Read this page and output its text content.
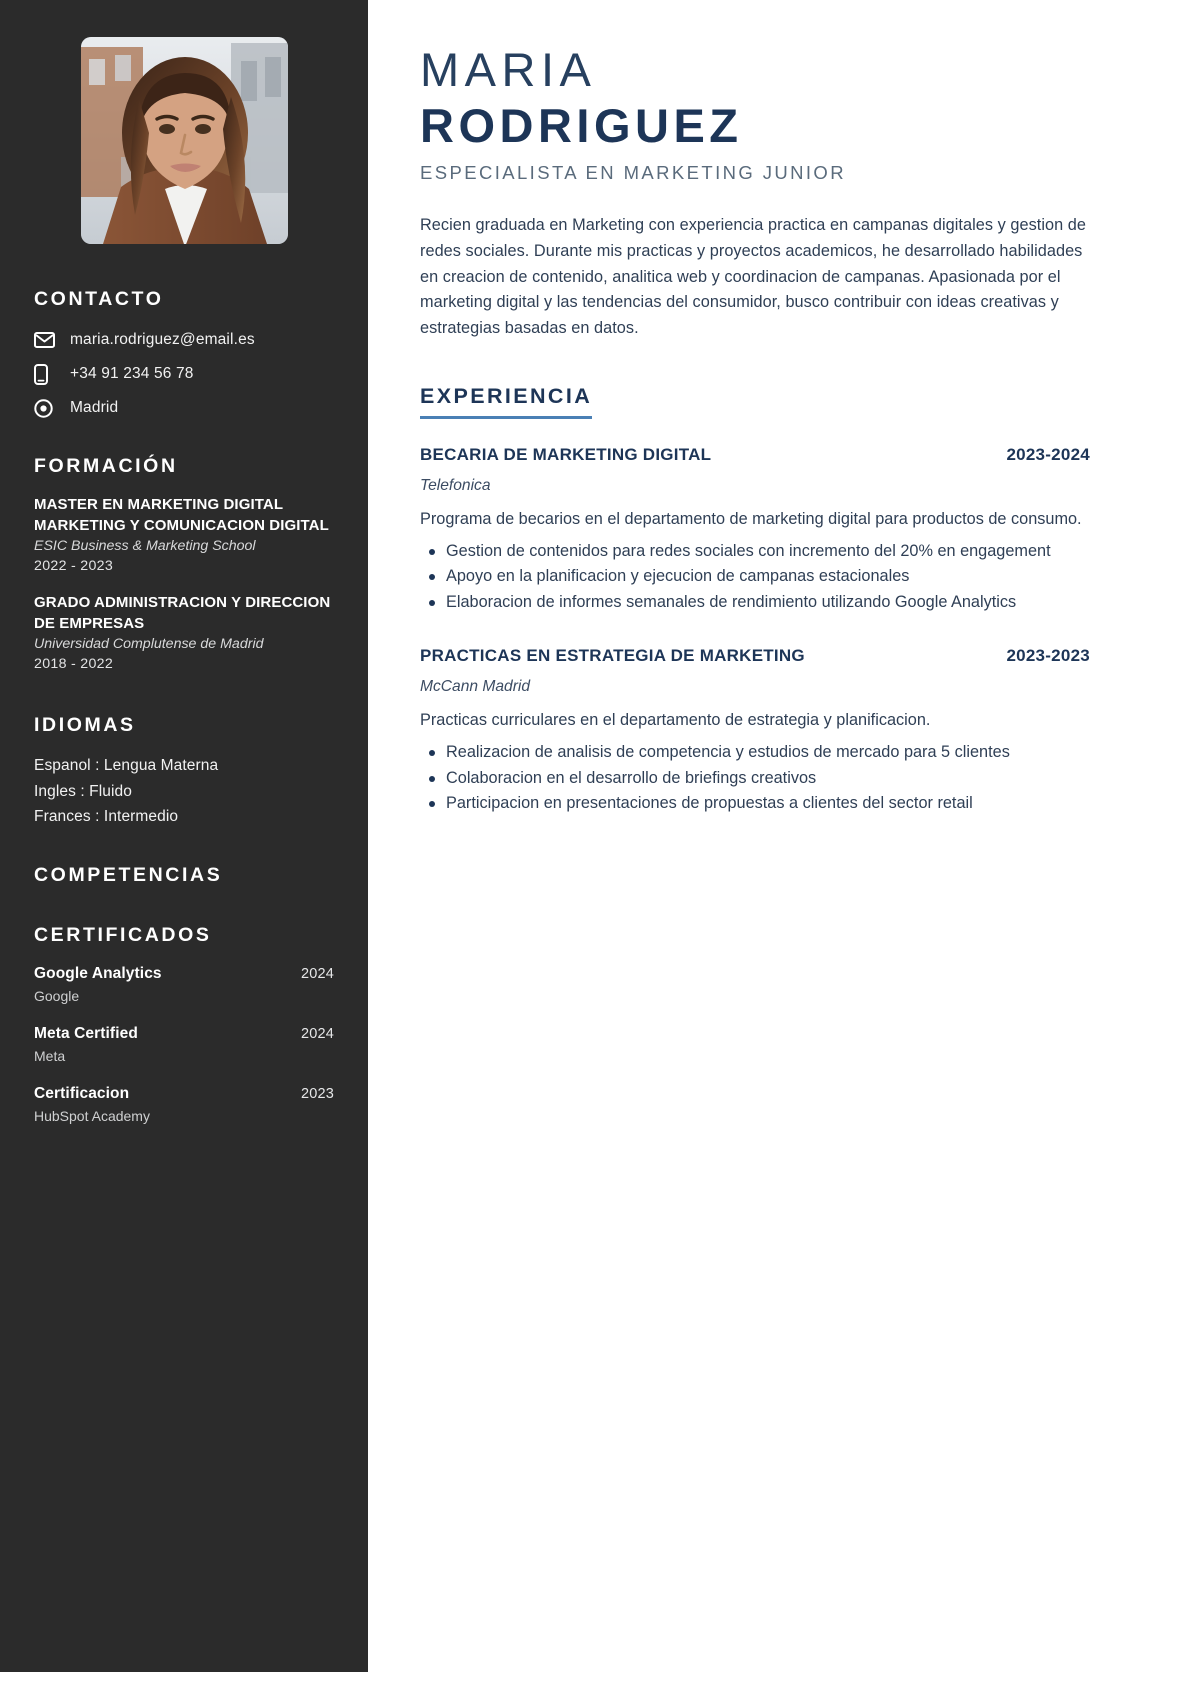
CONTACTO
maria.rodriguez@email.es
+34 91 234 56 78
Madrid
FORMACIÓN
MASTER EN MARKETING DIGITAL MARKETING Y COMUNICACION DIGITAL
ESIC Business & Marketing School
2022 - 2023
GRADO ADMINISTRACION Y DIRECCION DE EMPRESAS
Universidad Complutense de Madrid
2018 - 2022
IDIOMAS
Espanol : Lengua Materna
Ingles : Fluido
Frances : Intermedio
COMPETENCIAS
CERTIFICADOS
Google Analytics	2024
Google
Meta Certified	2024
Meta
Certificacion	2023
HubSpot Academy
MARIA
RODRIGUEZ
ESPECIALISTA EN MARKETING JUNIOR

Recien graduada en Marketing con experiencia practica en campanas digitales y gestion de redes sociales. Durante mis practicas y proyectos academicos, he desarrollado habilidades en creacion de contenido, analitica web y coordinacion de campanas. Apasionada por el marketing digital y las tendencias del consumidor, busco contribuir con ideas creativas y estrategias basadas en datos.

EXPERIENCIA
BECARIA DE MARKETING DIGITAL	2023-2024
Telefonica
Programa de becarios en el departamento de marketing digital para productos de consumo.
Gestion de contenidos para redes sociales con incremento del 20% en engagement
Apoyo en la planificacion y ejecucion de campanas estacionales
Elaboracion de informes semanales de rendimiento utilizando Google Analytics
PRACTICAS EN ESTRATEGIA DE MARKETING	2023-2023
McCann Madrid
Practicas curriculares en el departamento de estrategia y planificacion.
Realizacion de analisis de competencia y estudios de mercado para 5 clientes
Colaboracion en el desarrollo de briefings creativos
Participacion en presentaciones de propuestas a clientes del sector retail
